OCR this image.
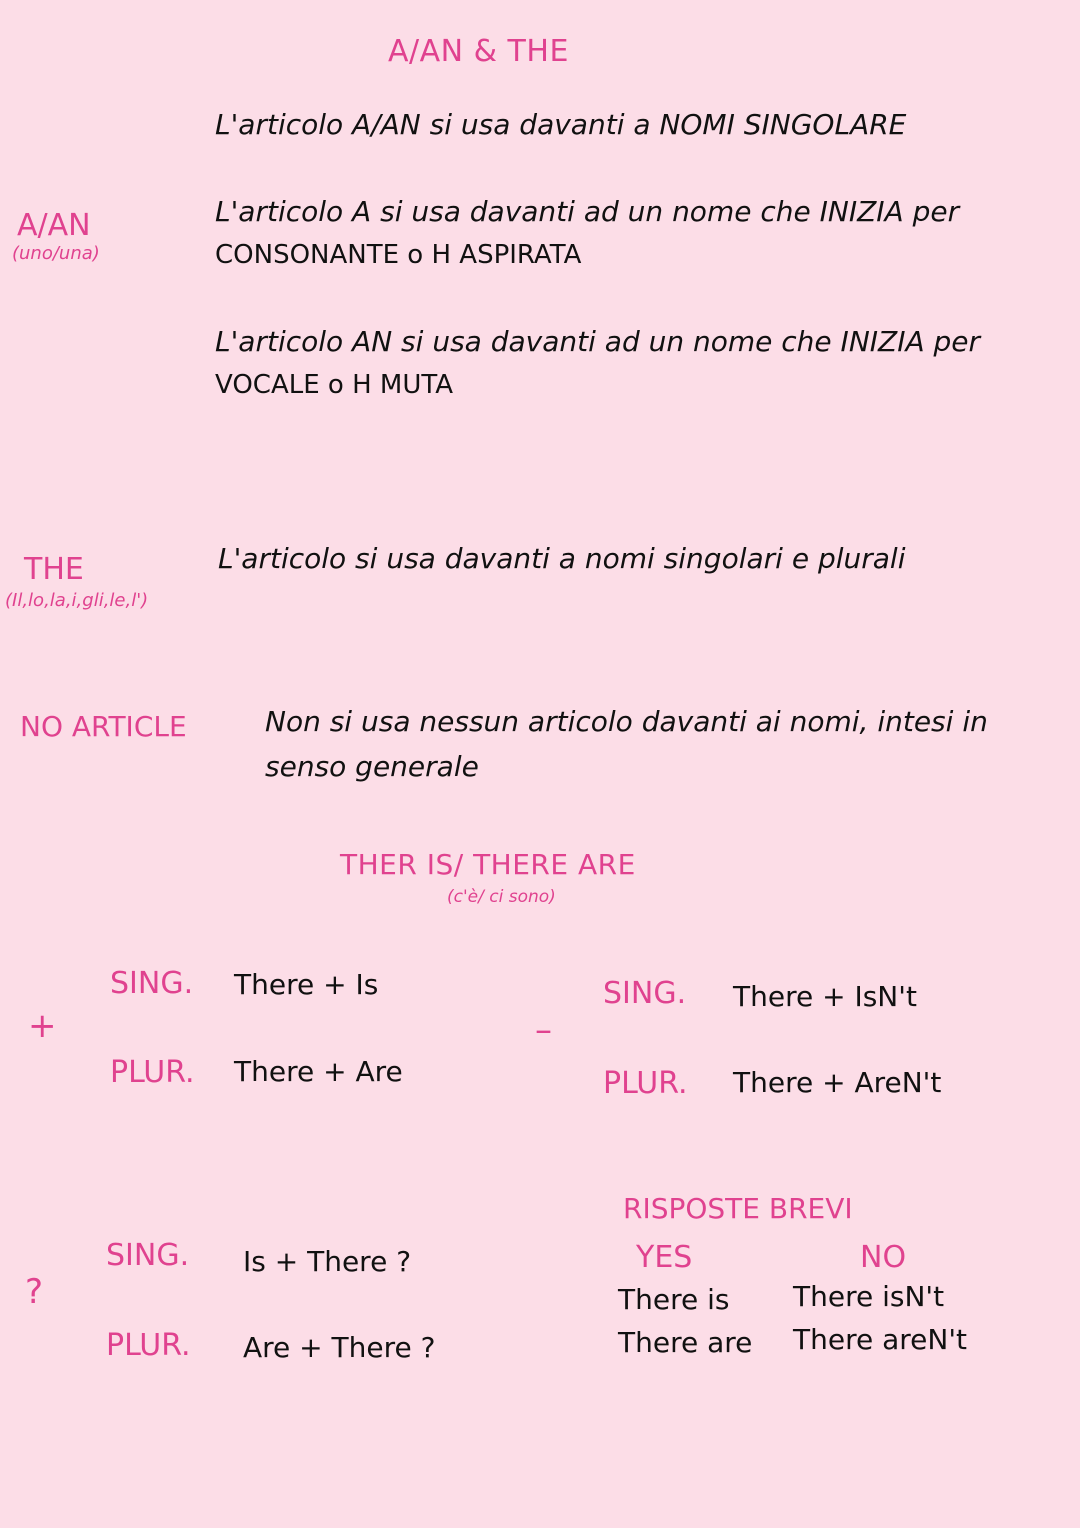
A/AN & THE
L'articolo A/AN si usa davanti a NOMI SINGOLARE
A/AN
(uno/una)
L'articolo A si usa davanti ad un nome che INIZIA per
CONSONANTE o H ASPIRATA
L'articolo AN si usa davanti ad un nome che INIZIA per
VOCALE o H MUTA
THE
(Il,lo,la,i,gli,le,l')
L'articolo si usa davanti a nomi singolari e plurali
NO ARTICLE	Non si usa nessun articolo davanti ai nomi, intesi in
senso generale
THER IS/ THERE ARE
(c'è/ ci sono)
+
SING. There + Is
PLUR. There + Are
–
SING. There + IsN't
PLUR. There + AreN't
?
SING. Is + There ?
PLUR. Are + There ?
RISPOSTE BREVI
YES	NO
There is
There are
There isN't
There areN't
